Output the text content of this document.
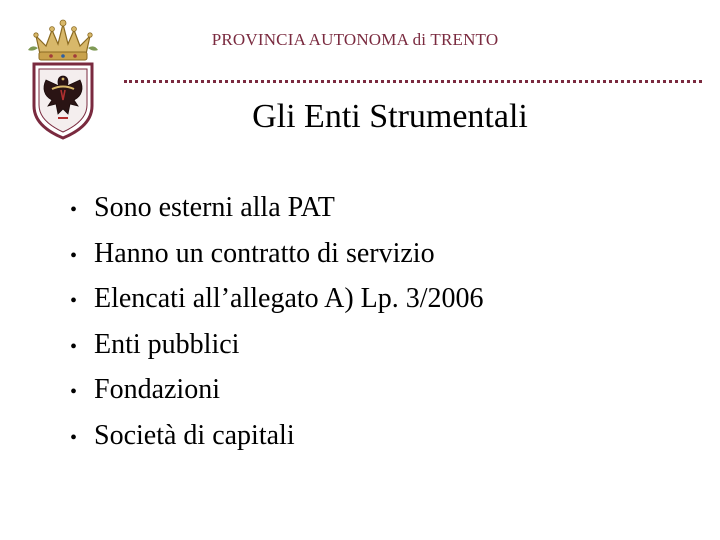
PROVINCIA AUTONOMA di TRENTO
Gli Enti Strumentali
• Sono esterni alla PAT
• Hanno un contratto di servizio
• Elencati all’allegato A) Lp. 3/2006
• Enti pubblici
• Fondazioni
• Società di capitali
